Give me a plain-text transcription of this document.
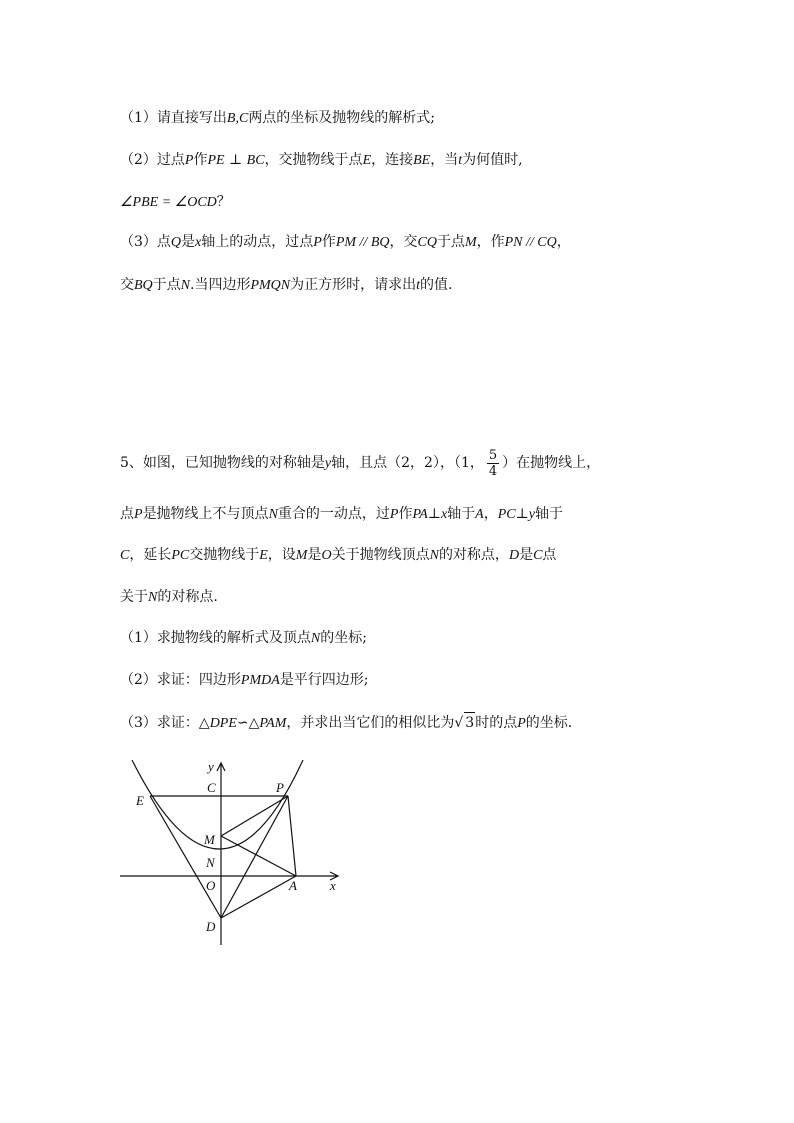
（1）请直接写出B,C两点的坐标及抛物线的解析式;
（2）过点P作PE ⊥ BC，交抛物线于点E，连接BE，当t为何值时,
∠PBE = ∠OCD？
（3）点Q是x轴上的动点，过点P作PM // BQ，交CQ于点M，作PN // CQ，
交BQ于点N.当四边形PMQN为正方形时，请求出t的值.
5、如图，已知抛物线的对称轴是y轴，且点（2，2），（1， $\frac{5}{4}$ ）在抛物线上，
点P是抛物线上不与顶点N重合的一动点，过P作PA⊥x轴于A，PC⊥y轴于
C，延长PC交抛物线于E，设M是O关于抛物线顶点N的对称点，D是C点
关于N的对称点.
（1）求抛物线的解析式及顶点N的坐标;
（2）求证：四边形PMDA是平行四边形;
（3）求证：△DPE∽△PAM，并求出当它们的相似比为√ 3时的点P的坐标.
y
x
C	P
E
M
N
O	A
D
